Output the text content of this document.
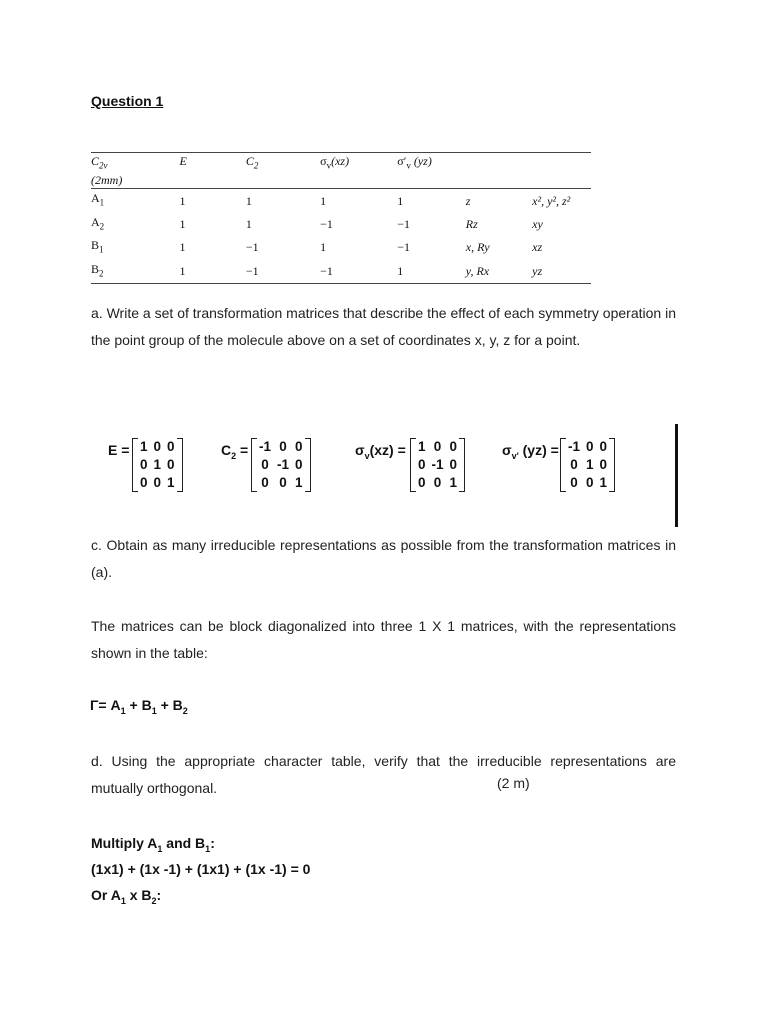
Question 1
$C_{2v}$
(2mm)	E	$C_2$	$\sigma_v(xz)$	$\sigma'_v$ (yz)		
$A_1$	1	1	1	1	z	x², y², z²
$A_2$	1	1	−1	−1	Rz	xy
$B_1$	1	−1	1	−1	x, Ry	xz
$B_2$	1	−1	−1	1	y, Rx	yz
a. Write a set of transformation matrices that describe the effect of each symmetry operation in the point group of the molecule above on a set of coordinates x, y, z for a point.
E = 1	0	0
0	1	0
0	0	1
$C_2 = -1$	0	0
0	-1	0
0	0	1
$\sigma_v(xz) = 1$	0	0
0	-1	0
0	0	1
$\sigma_{v'}$ (yz) = -1	0	0
0	1	0
0	0	1
c. Obtain as many irreducible representations as possible from the transformation matrices in (a).
The matrices can be block diagonalized into three 1 X 1 matrices, with the representations shown in the table:
$\Gamma= A_1 + B_1 + B_2$
d. Using the appropriate character table, verify that the irreducible representations are mutually orthogonal.	(2 m)
Multiply $A_1$ and $B_1$:
(1x1) + (1x -1) + (1x1) + (1x -1) = 0
Or $A_1$ x $B_2$:
